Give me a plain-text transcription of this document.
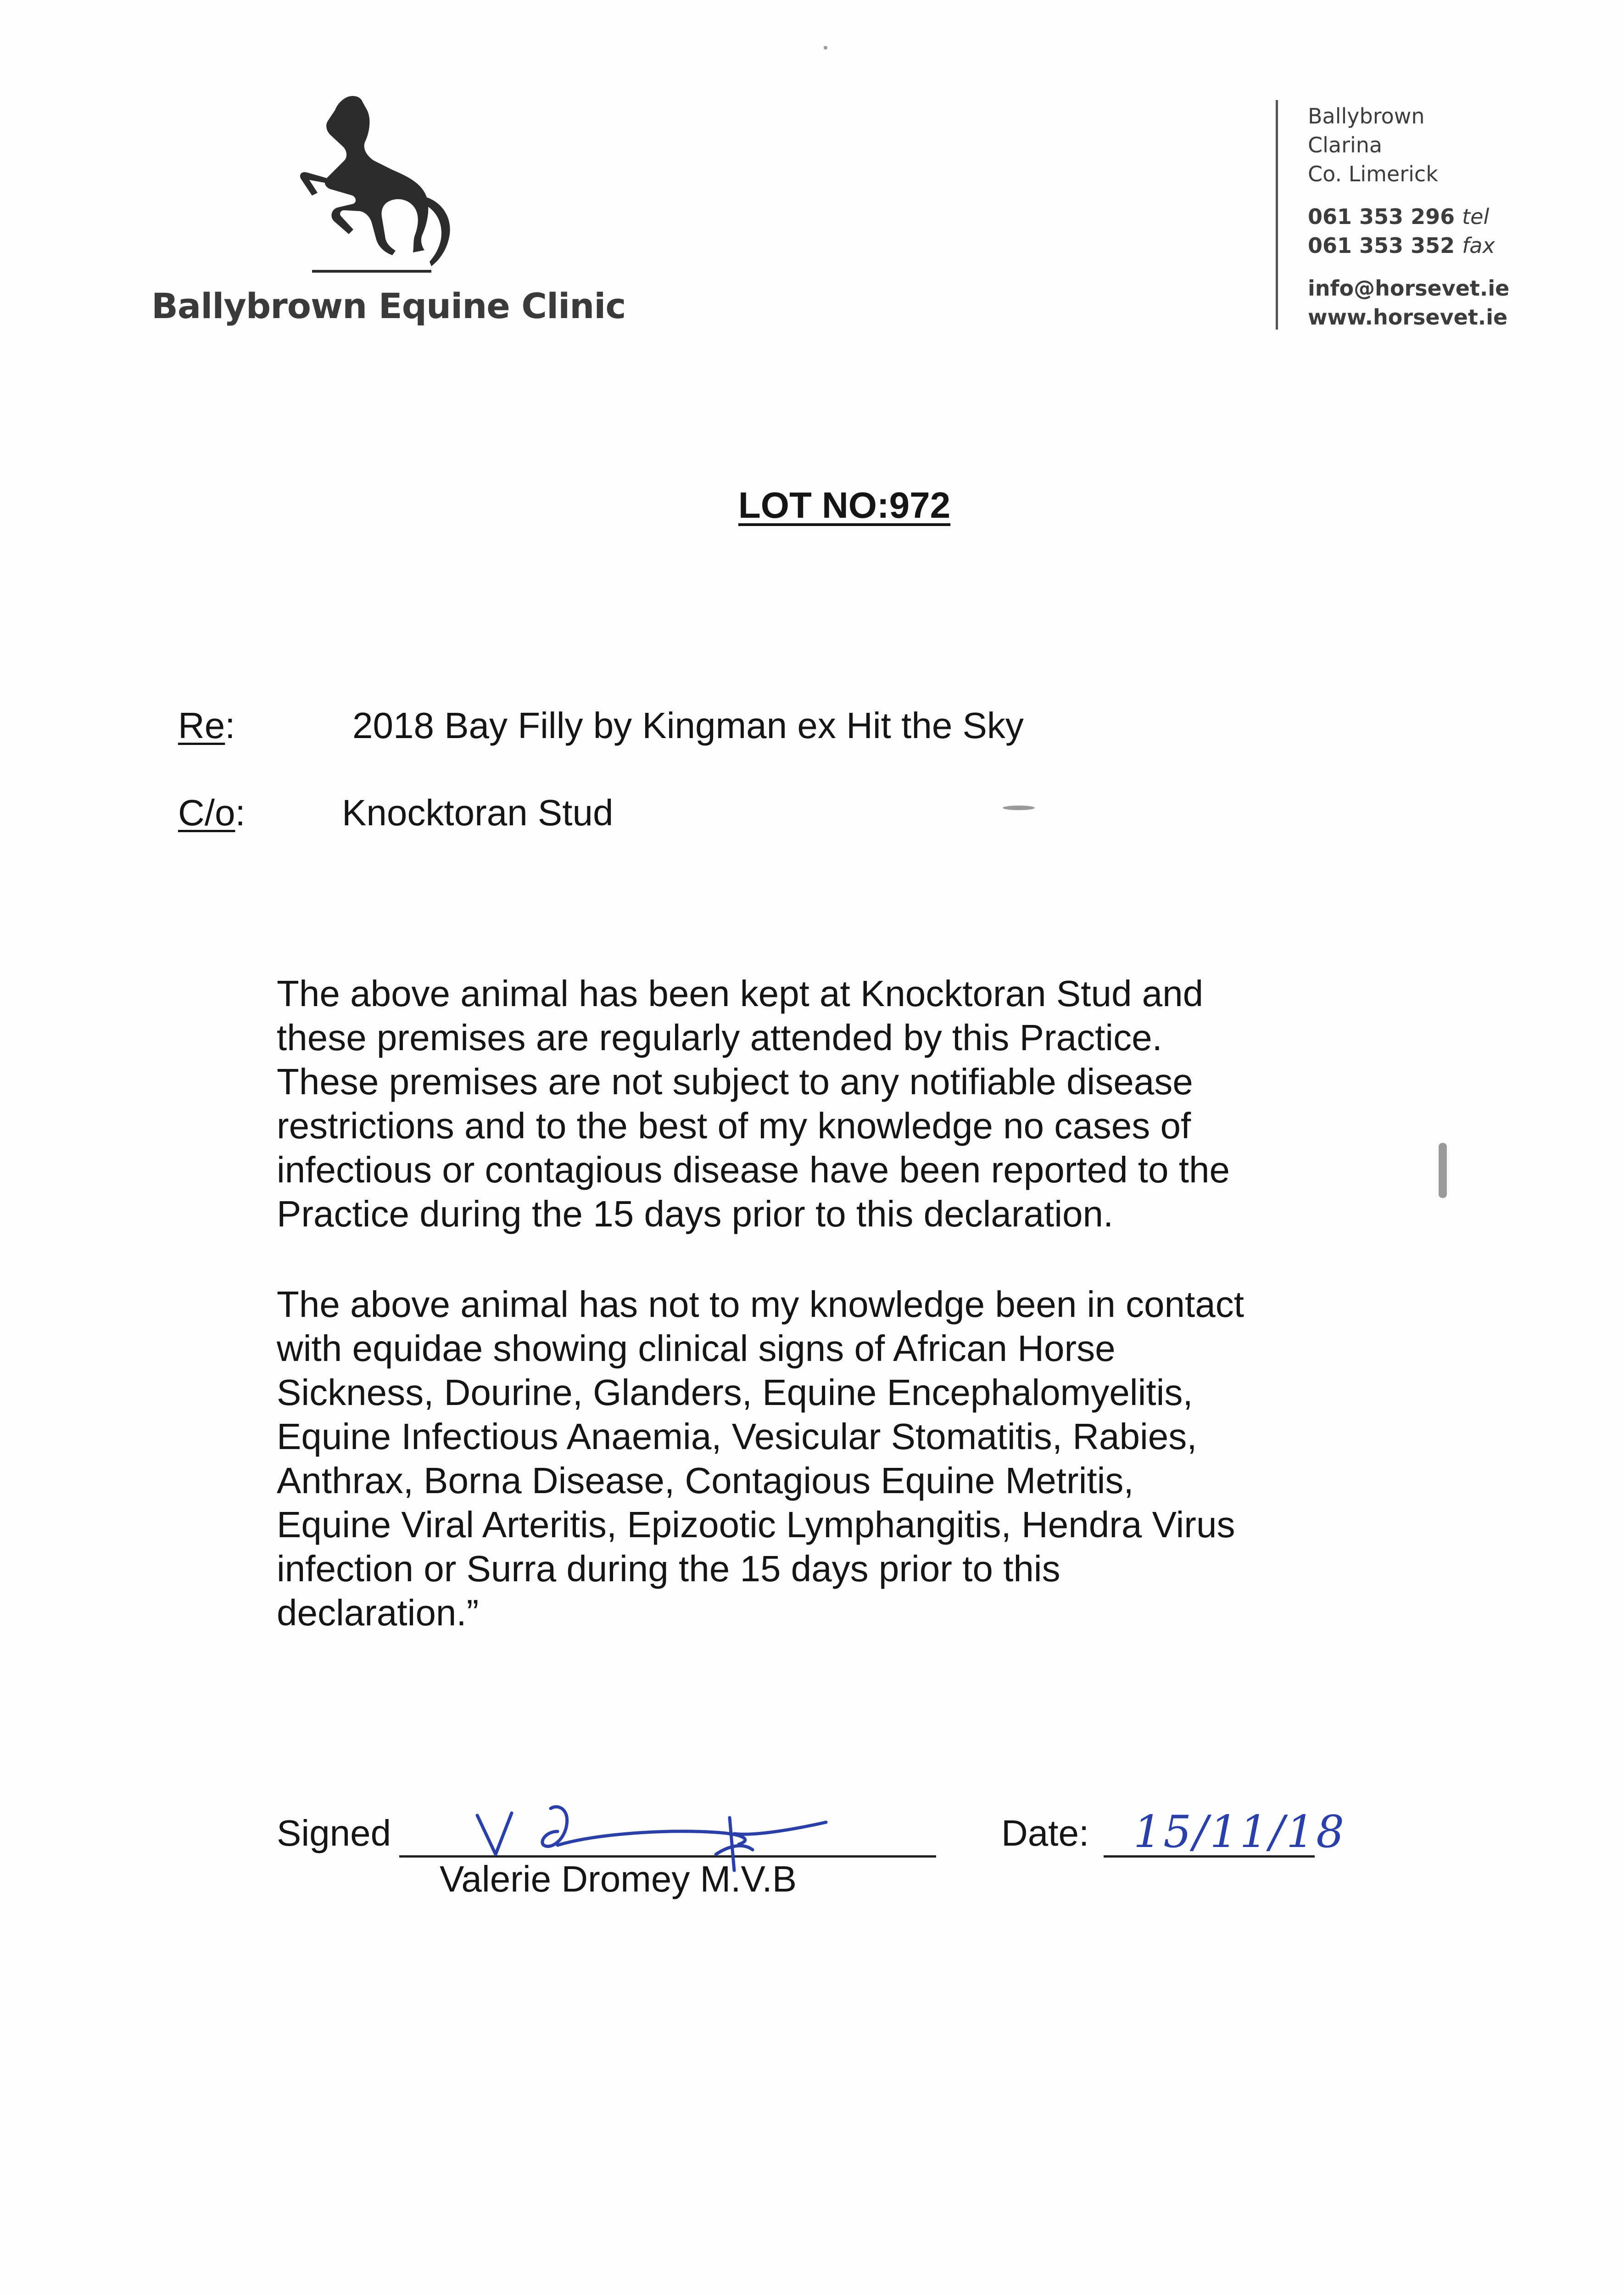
Ballybrown Equine Clinic
Ballybrown
Clarina
Co. Limerick
061 353 296 tel
061 353 352 fax
info@horsevet.ie
www.horsevet.ie
LOT NO:972
Re:	2018 Bay Filly by Kingman ex Hit the Sky
C/o:	Knocktoran Stud

The above animal has been kept at Knocktoran Stud and
these premises are regularly attended by this Practice.
These premises are not subject to any notifiable disease
restrictions and to the best of my knowledge no cases of
infectious or contagious disease have been reported to the
Practice during the 15 days prior to this declaration.

The above animal has not to my knowledge been in contact
with equidae showing clinical signs of African Horse
Sickness, Dourine, Glanders, Equine Encephalomyelitis,
Equine Infectious Anaemia, Vesicular Stomatitis, Rabies,
Anthrax, Borna Disease, Contagious Equine Metritis,
Equine Viral Arteritis, Epizootic Lymphangitis, Hendra Virus
infection or Surra during the 15 days prior to this
declaration.”

Signed
Valerie Dromey M.V.B
Date: 15/11/18
